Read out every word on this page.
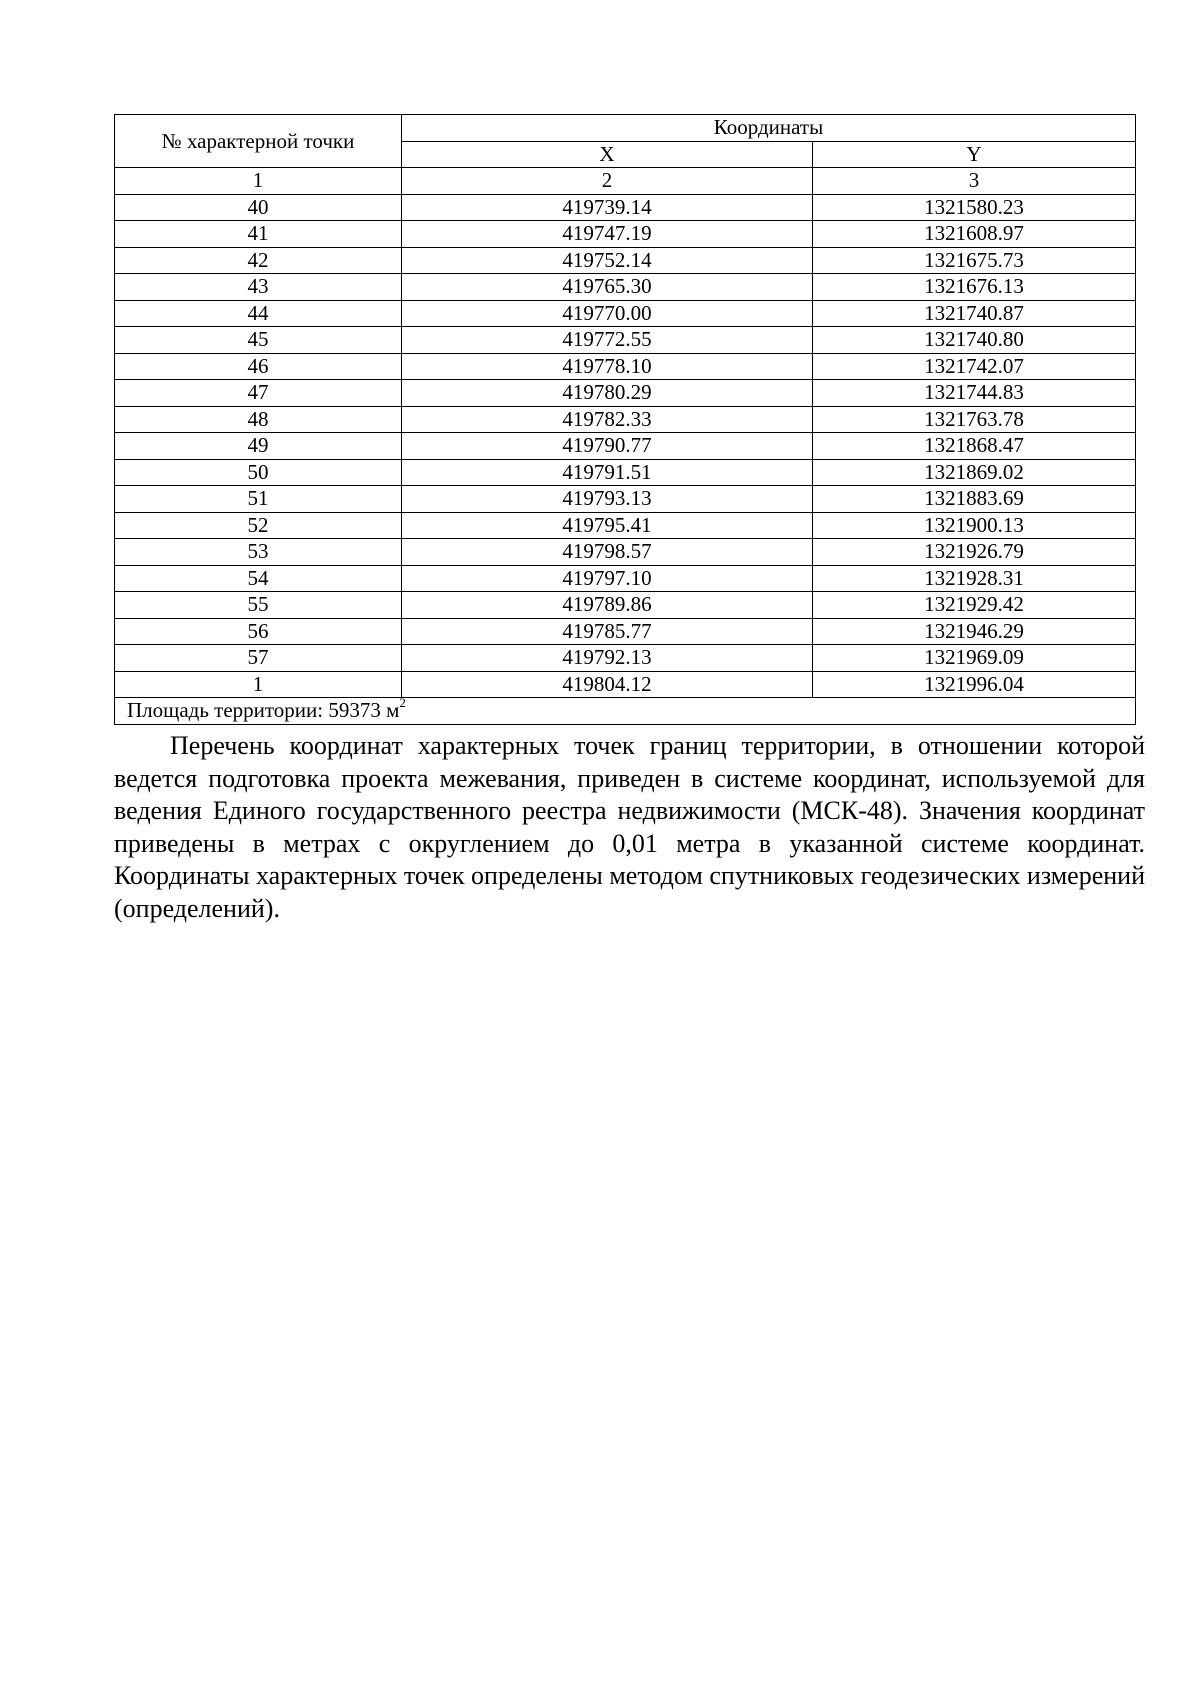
№ характерной точки	Координаты	
	X	Y
1	2	3
40	419739.14	1321580.23
41	419747.19	1321608.97
42	419752.14	1321675.73
43	419765.30	1321676.13
44	419770.00	1321740.87
45	419772.55	1321740.80
46	419778.10	1321742.07
47	419780.29	1321744.83
48	419782.33	1321763.78
49	419790.77	1321868.47
50	419791.51	1321869.02
51	419793.13	1321883.69
52	419795.41	1321900.13
53	419798.57	1321926.79
54	419797.10	1321928.31
55	419789.86	1321929.42
56	419785.77	1321946.29
57	419792.13	1321969.09
1	419804.12	1321996.04
Площадь территории: 59373 $м^2$

Перечень координат характерных точек границ территории, в отношении которой ведется подготовка проекта межевания, приведен в системе координат, используемой для ведения Единого государственного реестра недвижимости (МСК-48). Значения координат приведены в метрах с округлением до 0,01 метра в указанной системе координат. Координаты характерных точек определены методом спутниковых геодезических измерений (определений).
